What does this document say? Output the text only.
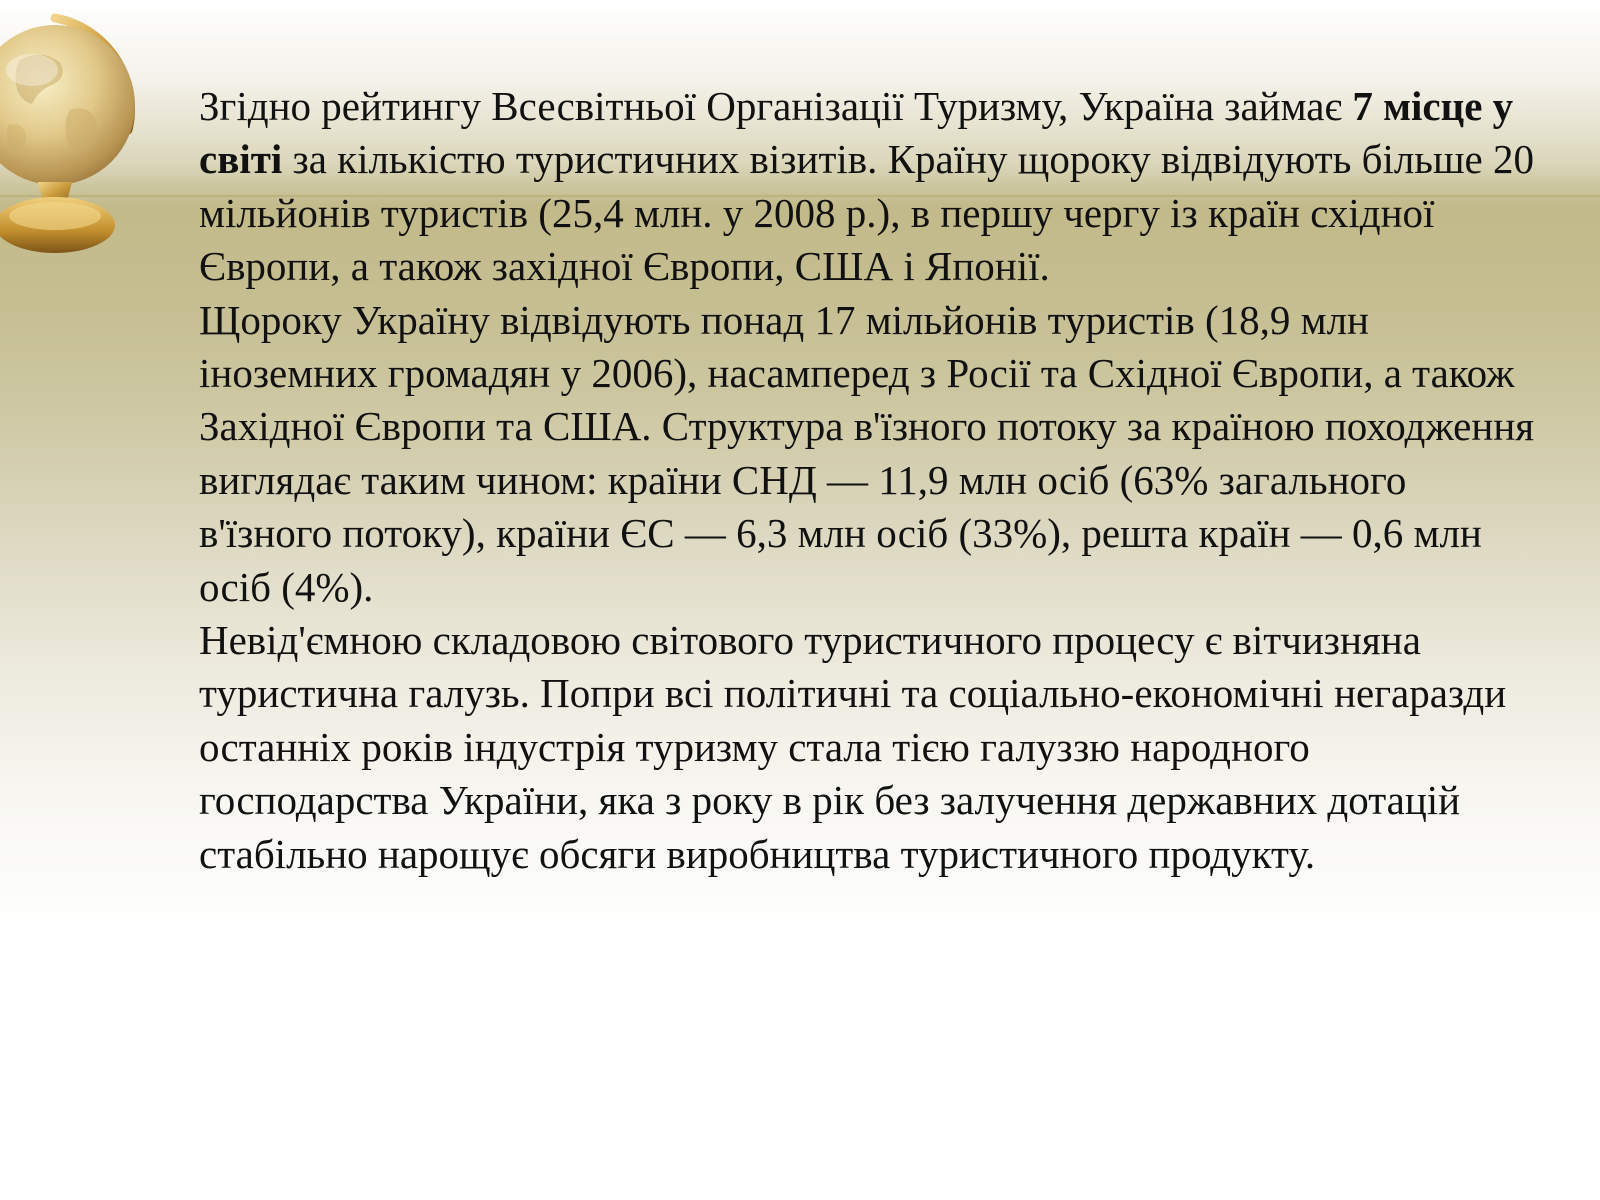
Згідно рейтингу Всесвітньої Організації Туризму, Україна займає 7 місце у світі за кількістю туристичних візитів. Країну щороку відвідують більше 20 мільйонів туристів (25,4 млн. у 2008 р.), в першу чергу із країн східної Європи, а також західної Європи, США і Японії.

Щороку Україну відвідують понад 17 мільйонів туристів (18,9 млн іноземних громадян у 2006), насамперед з Росії та Східної Європи, а також Західної Європи та США. Структура в'їзного потоку за країною походження виглядає таким чином: країни СНД — 11,9 млн осіб (63% загального в'їзного потоку), країни ЄС — 6,3 млн осіб (33%), решта країн — 0,6 млн осіб (4%).

Невід'ємною складовою світового туристичного процесу є вітчизняна туристична галузь. Попри всі політичні та соціально-економічні негаразди останніх років індустрія туризму стала тією галуззю народного господарства України, яка з року в рік без залучення державних дотацій стабільно нарощує обсяги виробництва туристичного продукту.
